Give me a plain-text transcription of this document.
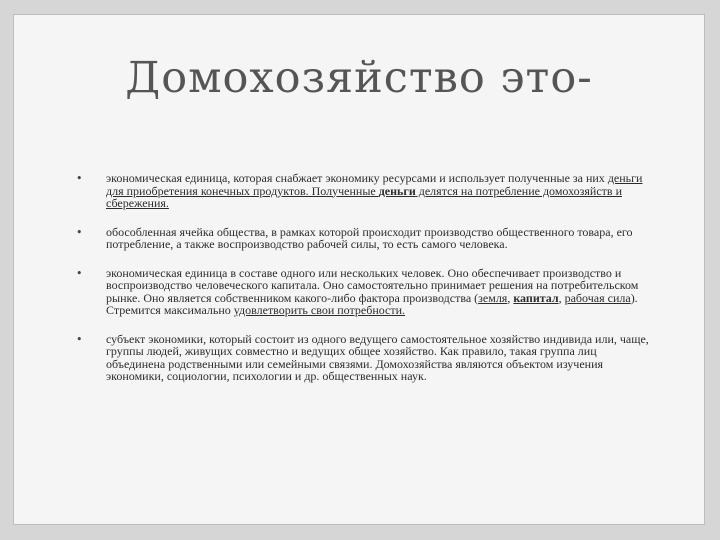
Домохозяйство это-
• экономическая единица, которая снабжает экономику ресурсами и использует полученные за них деньги для приобретения конечных продуктов. Полученные деньги делятся на потребление домохозяйств и сбережения.
• обособленная ячейка общества, в рамках которой происходит производство общественного товара, его потребление, а также воспроизводство рабочей силы, то есть самого человека.
• экономическая единица в составе одного или нескольких человек. Оно обеспечивает производство и воспроизводство человеческого капитала. Оно самостоятельно принимает решения на потребительском рынке. Оно является собственником какого-либо фактора производства (земля, капитал, рабочая сила). Стремится максимально удовлетворить свои потребности.
• субъект экономики, который состоит из одного ведущего самостоятельное хозяйство индивида или, чаще, группы людей, живущих совместно и ведущих общее хозяйство. Как правило, такая группа лиц объединена родственными или семейными связями. Домохозяйства являются объектом изучения экономики, социологии, психологии и др. общественных наук.
